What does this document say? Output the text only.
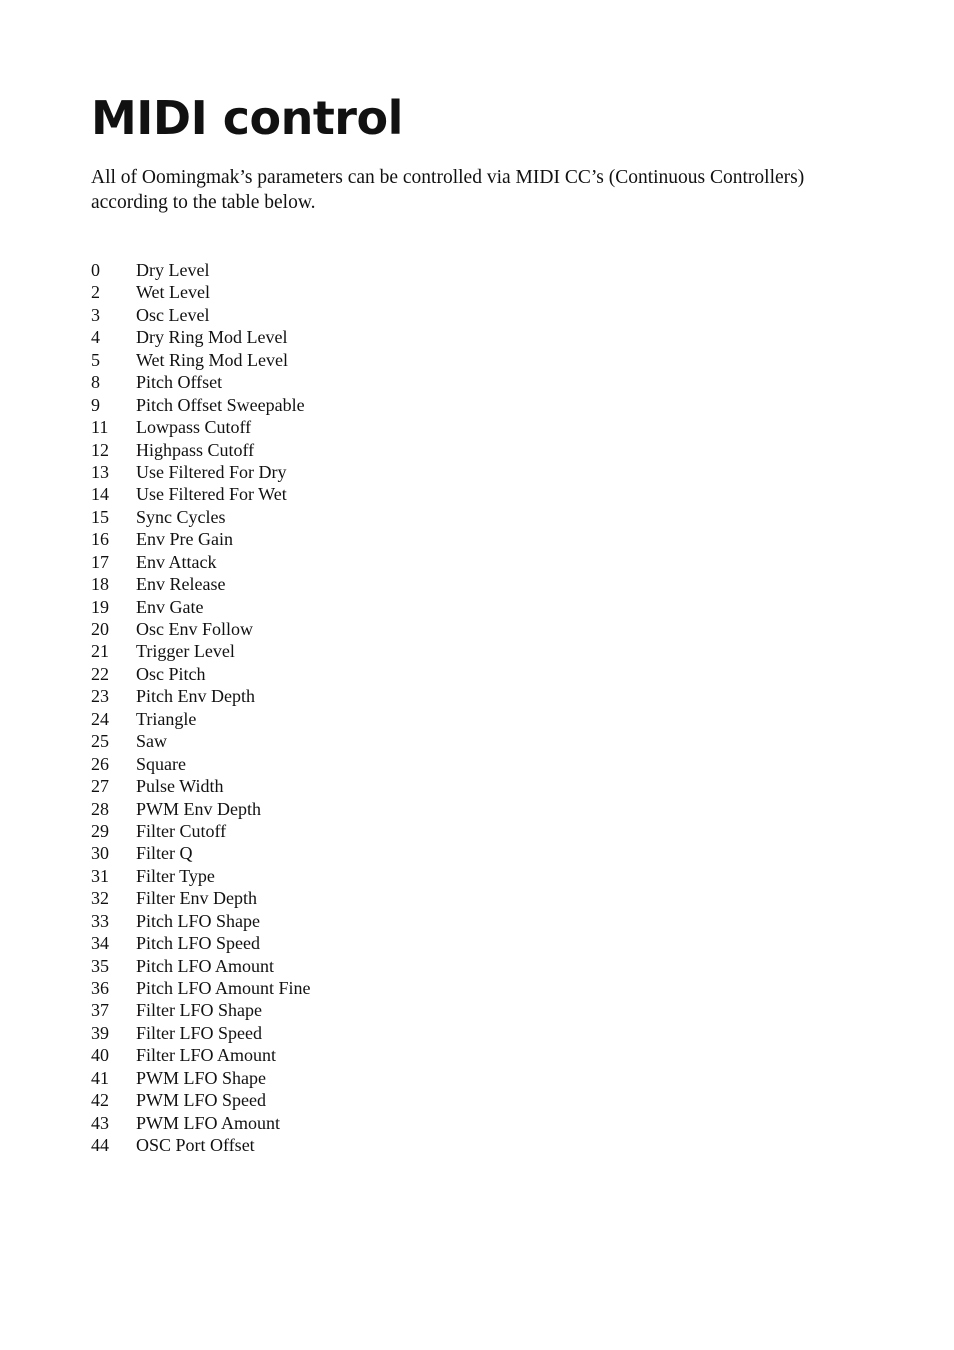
MIDI control

All of Oomingmak’s parameters can be controlled via MIDI CC’s (Continuous Controllers) according to the table below.

0	Dry Level
2	Wet Level
3	Osc Level
4	Dry Ring Mod Level
5	Wet Ring Mod Level
8	Pitch Offset
9	Pitch Offset Sweepable
11	Lowpass Cutoff
12	Highpass Cutoff
13	Use Filtered For Dry
14	Use Filtered For Wet
15	Sync Cycles
16	Env Pre Gain
17	Env Attack
18	Env Release
19	Env Gate
20	Osc Env Follow
21	Trigger Level
22	Osc Pitch
23	Pitch Env Depth
24	Triangle
25	Saw
26	Square
27	Pulse Width
28	PWM Env Depth
29	Filter Cutoff
30	Filter Q
31	Filter Type
32	Filter Env Depth
33	Pitch LFO Shape
34	Pitch LFO Speed
35	Pitch LFO Amount
36	Pitch LFO Amount Fine
37	Filter LFO Shape
39	Filter LFO Speed
40	Filter LFO Amount
41	PWM LFO Shape
42	PWM LFO Speed
43	PWM LFO Amount
44	OSC Port Offset
